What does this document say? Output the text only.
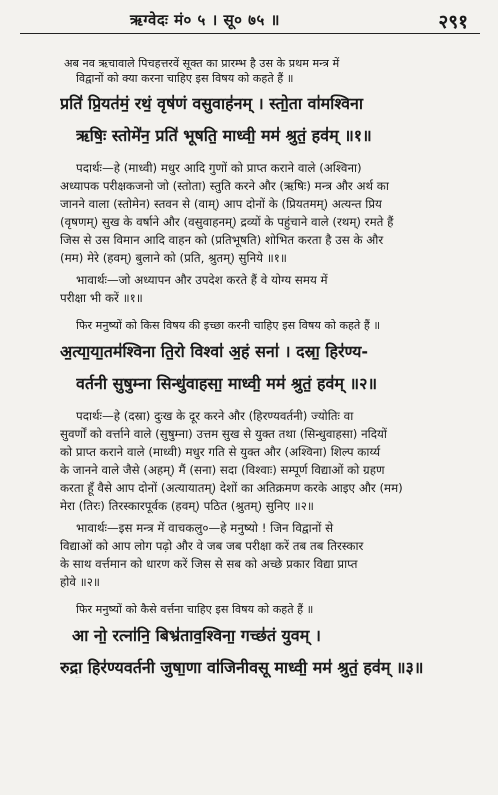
ऋग्वेदः मं० ५ । सू० ७५ ॥	२९१
अब नव ऋचावाले पिचहत्तरवें सूक्त का प्रारम्भ है उस के प्रथम मन्त्र में
विद्वानों को क्या करना चाहिए इस विषय को कहते हैं ॥
प्रति॑ प्रि॒यत॑मं॒ रथं॒ वृष॑णं वसु॒वाह॑नम् । स्तो॒ता वा॑मश्विना
ऋषिः॒ स्तोमे॑न॒ प्रति॑ भूषति॒ माध्वी॒ मम॑ श्रुतं॒ हव॑म् ॥१॥
पदार्थः—हे (माध्वी) मधुर आदि गुणों को प्राप्त कराने वाले (अश्विना)
अध्यापक परीक्षकजनो जो (स्तोता) स्तुति करने और (ऋषिः) मन्त्र और अर्थ का
जानने वाला (स्तोमेन) स्तवन से (वाम्) आप दोनों के (प्रियतमम्) अत्यन्त प्रिय
(वृषणम्) सुख के वर्षाने और (वसुवाहनम्) द्रव्यों के पहुंचाने वाले (रथम्) रमते हैं
जिस से उस विमान आदि वाहन को (प्रतिभूषति) शोभित करता है उस के और
(मम) मेरे (हवम्) बुलाने को (प्रति, श्रुतम्) सुनिये ॥१॥
भावार्थः—जो अध्यापन और उपदेश करते हैं वे योग्य समय में
परीक्षा भी करें ॥१॥
फिर मनुष्यों को किस विषय की इच्छा करनी चाहिए इस विषय को कहते हैं ॥
अ॒त्या॒या॒तम॑श्विना ति॒रो विश्वा॑ अ॒हं सना॑ । दस्रा॒ हिर॑ण्य-
वर्तनी सुषुम्ना सिन्धु॑वाहसा॒ माध्वी॒ मम॑ श्रुतं॒ हव॑म् ॥२॥
पदार्थः—हे (दस्रा) दुःख के दूर करने और (हिरण्यवर्तनी) ज्योतिः वा
सुवर्णों को वर्त्ताने वाले (सुषुम्ना) उत्तम सुख से युक्त तथा (सिन्धुवाहसा) नदियों
को प्राप्त कराने वाले (माध्वी) मधुर गति से युक्त और (अश्विना) शिल्प कार्य्य
के जानने वाले जैसे (अहम्) मैं (सना) सदा (विश्वाः) सम्पूर्ण विद्याओं को ग्रहण
करता हूँ वैसे आप दोनों (अत्यायातम्) देशों का अतिक्रमण करके आइए और (मम)
मेरा (तिरः) तिरस्कारपूर्वक (हवम्) पठित (श्रुतम्) सुनिए ॥२॥
भावार्थः—इस मन्त्र में वाचकलु०—हे मनुष्यो ! जिन विद्वानों से
विद्याओं को आप लोग पढ़ो और वे जब जब परीक्षा करें तब तब तिरस्कार
के साथ वर्त्तमान को धारण करें जिस से सब को अच्छे प्रकार विद्या प्राप्त
होवे ॥२॥
फिर मनुष्यों को कैसे वर्त्तना चाहिए इस विषय को कहते हैं ॥
आ नो॒ रत्ना॑नि॒ बिभ्र॑ताव॒श्विना॒ गच्छ॑तं यु॒वम् ।
रुद्रा॒ हिर॑ण्यवर्तनी जुषा॒णा वा॑जिनीवसू॒ माध्वी॒ मम॑ श्रुतं॒ हव॑म् ॥३॥
